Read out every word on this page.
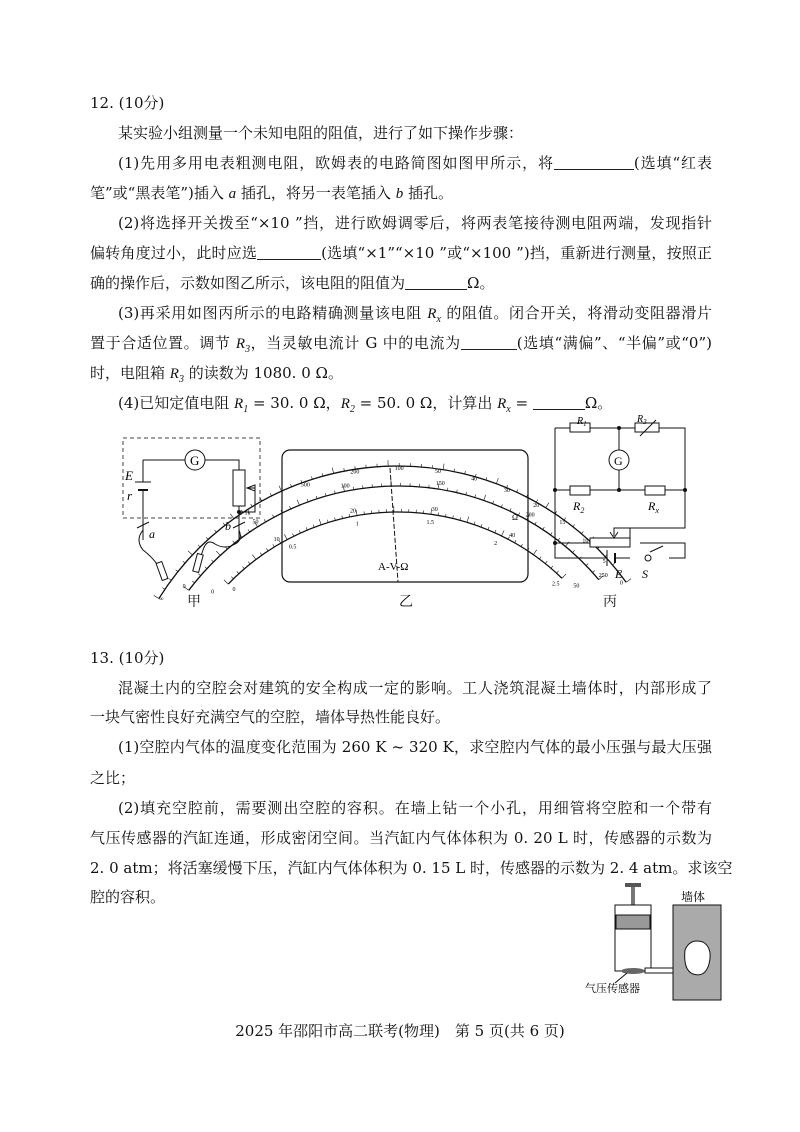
12. (10分)
某实验小组测量一个未知电阻的阻值，进行了如下操作步骤：
(1)先用多用电表粗测电阻，欧姆表的电路简图如图甲所示，将	(选填“红表
笔”或“黑表笔”)插入 a 插孔，将另一表笔插入 b 插孔。
(2)将选择开关拨至“×10 ”挡，进行欧姆调零后，将两表笔接待测电阻两端，发现指针
偏转角度过小，此时应选	(选填“×1”“×10 ”或“×100 ”)挡，重新进行测量，按照正
确的操作后，示数如图乙所示，该电阻的阻值为	Ω。
(3)再采用如图丙所示的电路精确测量该电阻 $R_x$ 的阻值。闭合开关，将滑动变阻器滑片
置于合适位置。调节 $R_3$，当灵敏电流计 G 中的电流为	(选填“满偏”、“半偏”或“0”)
时，电阻箱 $R_3$ 的读数为 1080. 0 Ω。
(4)已知定值电阻 $R_1 = 30$. 0 Ω，$R_2 = 50$. 0 Ω，计算出 $R_x$ =	Ω。
13. (10分)
混凝土内的空腔会对建筑的安全构成一定的影响。工人浇筑混凝土墙体时，内部形成了
一块气密性良好充满空气的空腔，墙体导热性能良好。
(1)空腔内气体的温度变化范围为 260 K ~ 320 K，求空腔内气体的最小压强与最大压强
之比；
(2)填充空腔前，需要测出空腔的容积。在墙上钻一个小孔，用细管将空腔和一个带有
气压传感器的汽缸连通，形成密闭空间。当汽缸内气体体积为 0. 20 L 时，传感器的示数为
2. 0 atm；将活塞缓慢下压，汽缸内气体体积为 0. 15 L 时，传感器的示数为 2. 4 atm。求该空
腔的容积。
G
E
r
a
b
甲
∞
1k
500
200
100	50
40
30
20
15
10
5
0
0
50
100	150
200
250
0
10
20	30
40
50
0
0.5
1	1.5
2
2.5
A-V-Ω
Ω
乙
G
$R_1$	$R_3$
$R_2$	$R_x$
E S
丙
墙体
气压传感器
2025 年邵阳市高二联考(物理)　第 5 页(共 6 页)
